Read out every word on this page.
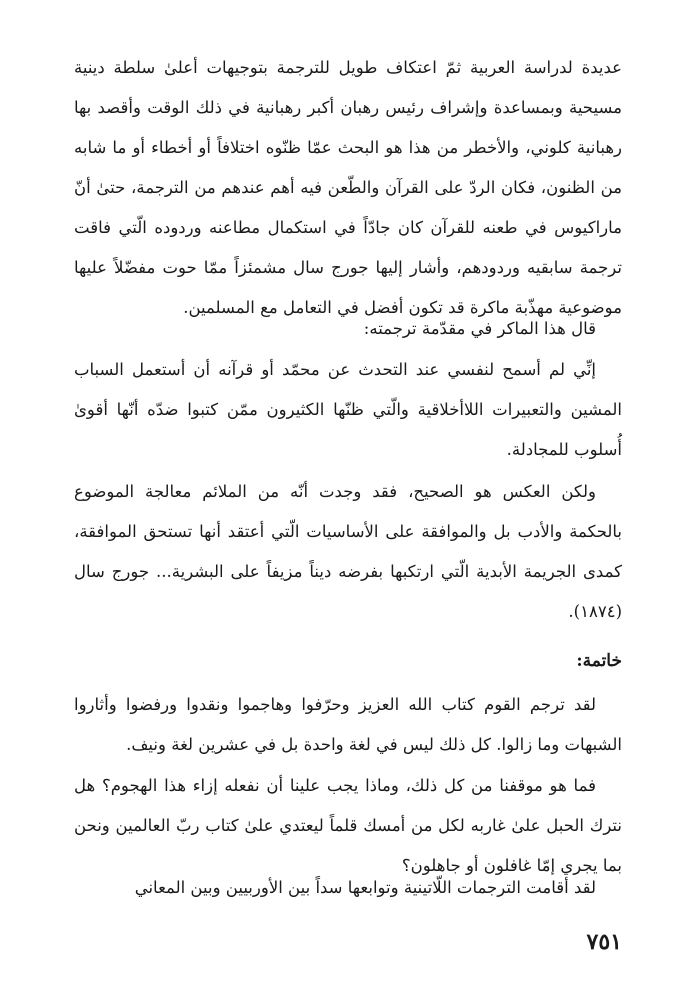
عديدة لدراسة العربية ثمّ اعتكاف طويل للترجمة بتوجيهات أعلىٰ سلطة دينية مسيحية وبمساعدة وإشراف رئيس رهبان أكبر رهبانية في ذلك الوقت وأقصد بها رهبانية كلوني، والأخطر من هذا هو البحث عمّا ظنّوه اختلافاً أو أخطاء أو ما شابه من الظنون، فكان الردّ على القرآن والطّعن فيه أهم عندهم من الترجمة، حتىٰ أنّ ماراكيوس في طعنه للقرآن كان جادّاً في استكمال مطاعنه وردوده الّتي فاقت ترجمة سابقيه وردودهم، وأشار إليها جورج سال مشمئزاً ممّا حوت مفضّلاً عليها موضوعية مهذّبة ماكرة قد تكون أفضل في التعامل مع المسلمين.

قال هذا الماكر في مقدّمة ترجمته:

إنِّي لم أسمح لنفسي عند التحدث عن محمّد أو قرآنه أن أستعمل السباب المشين والتعبيرات اللاأخلاقية والّتي ظنّها الكثيرون ممّن كتبوا ضدّه أنّها أقوىٰ أُسلوب للمجادلة.

ولكن العكس هو الصحيح، فقد وجدت أنّه من الملائم معالجة الموضوع بالحكمة والأدب بل والموافقة على الأساسيات الّتي أعتقد أنها تستحق الموافقة، كمدى الجريمة الأبدية الّتي ارتكبها بفرضه ديناً مزيفاً على البشرية... جورج سال (١٨٧٤).

خاتمة:

لقد ترجم القوم كتاب الله العزيز وحرّفوا وهاجموا ونقدوا ورفضوا وأثاروا الشبهات وما زالوا. كل ذلك ليس في لغة واحدة بل في عشرين لغة ونيف.

فما هو موقفنا من كل ذلك، وماذا يجب علينا أن نفعله إزاء هذا الهجوم؟ هل نترك الحبل علىٰ غاربه لكل من أمسك قلماً ليعتدي علىٰ كتاب ربّ العالمين ونحن بما يجري إمّا غافلون أو جاهلون؟

لقد أقامت الترجمات اللّاتينية وتوابعها سداً بين الأوربيين وبين المعاني

٧٥١
